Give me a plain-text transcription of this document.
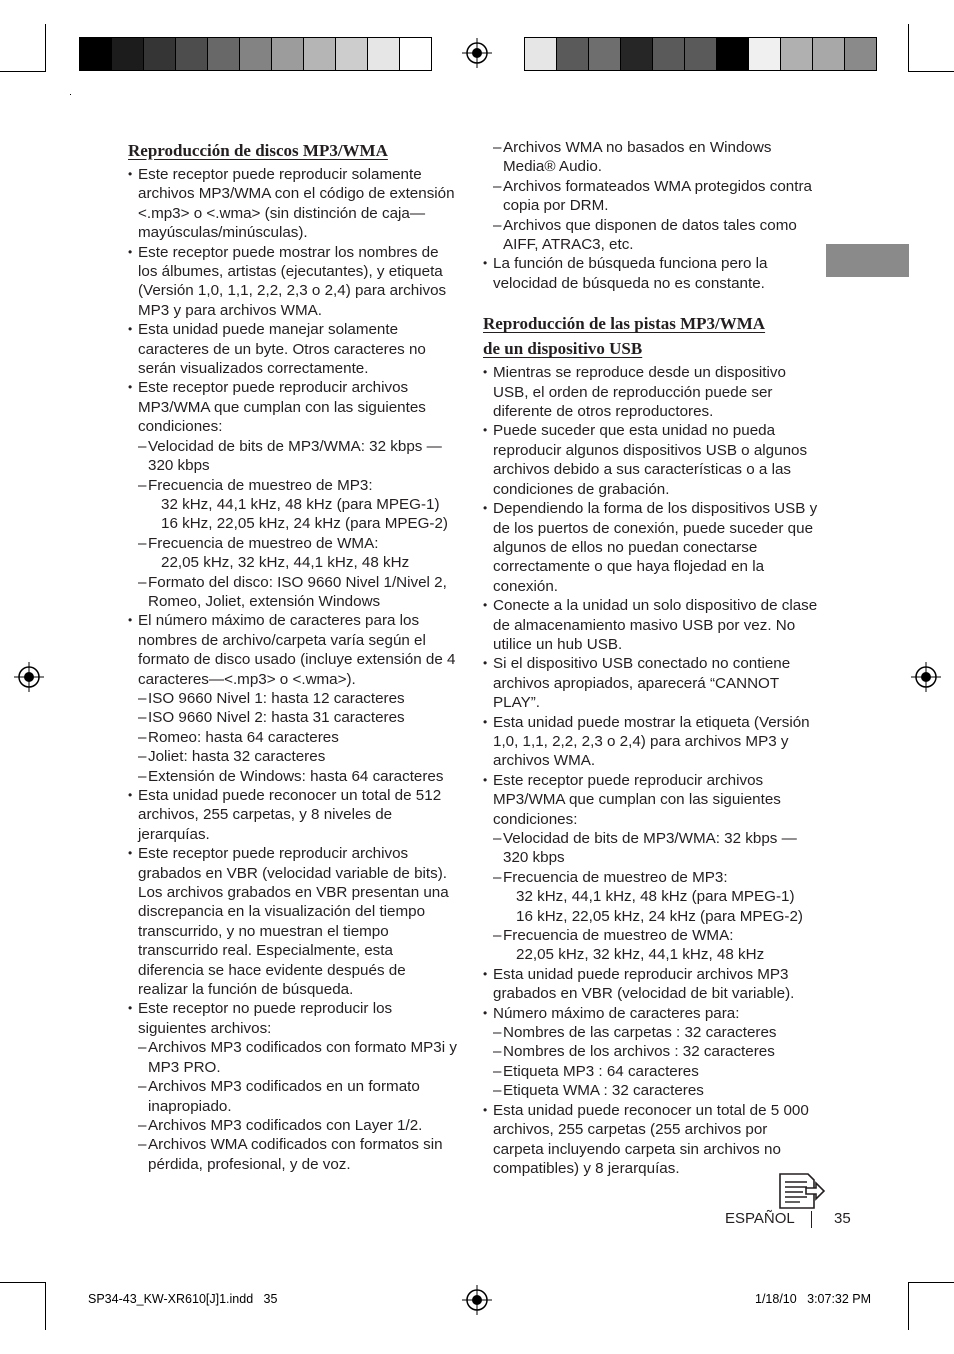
Reproducción de discos MP3/WMA
• Este receptor puede reproducir solamente archivos MP3/WMA con el código de extensión <.mp3> o <.wma> (sin distinción de caja—mayúsculas/minúsculas).
• Este receptor puede mostrar los nombres de los álbumes, artistas (ejecutantes), y etiqueta (Versión 1,0, 1,1, 2,2, 2,3 o 2,4) para archivos MP3 y para archivos WMA.
• Esta unidad puede manejar solamente caracteres de un byte. Otros caracteres no serán visualizados correctamente.
• Este receptor puede reproducir archivos MP3/WMA que cumplan con las siguientes condiciones:
– Velocidad de bits de MP3/WMA: 32 kbps — 320 kbps
– Frecuencia de muestreo de MP3:
32 kHz, 44,1 kHz, 48 kHz (para MPEG-1)
16 kHz, 22,05 kHz, 24 kHz (para MPEG-2)
– Frecuencia de muestreo de WMA:
22,05 kHz, 32 kHz, 44,1 kHz, 48 kHz
– Formato del disco: ISO 9660 Nivel 1/Nivel 2, Romeo, Joliet, extensión Windows
• El número máximo de caracteres para los nombres de archivo/carpeta varía según el formato de disco usado (incluye extensión de 4 caracteres—<.mp3> o <.wma>).
– ISO 9660 Nivel 1: hasta 12 caracteres
– ISO 9660 Nivel 2: hasta 31 caracteres
– Romeo: hasta 64 caracteres
– Joliet: hasta 32 caracteres
– Extensión de Windows: hasta 64 caracteres
• Esta unidad puede reconocer un total de 512 archivos, 255 carpetas, y 8 niveles de jerarquías.
• Este receptor puede reproducir archivos grabados en VBR (velocidad variable de bits). Los archivos grabados en VBR presentan una discrepancia en la visualización del tiempo transcurrido, y no muestran el tiempo transcurrido real. Especialmente, esta diferencia se hace evidente después de realizar la función de búsqueda.
• Este receptor no puede reproducir los siguientes archivos:
– Archivos MP3 codificados con formato MP3i y MP3 PRO.
– Archivos MP3 codificados en un formato inapropiado.
– Archivos MP3 codificados con Layer 1/2.
– Archivos WMA codificados con formatos sin pérdida, profesional, y de voz.
– Archivos WMA no basados en Windows Media® Audio.
– Archivos formateados WMA protegidos contra copia por DRM.
– Archivos que disponen de datos tales como AIFF, ATRAC3, etc.
• La función de búsqueda funciona pero la velocidad de búsqueda no es constante.
Reproducción de las pistas MP3/WMA
de un dispositivo USB
• Mientras se reproduce desde un dispositivo USB, el orden de reproducción puede ser diferente de otros reproductores.
• Puede suceder que esta unidad no pueda reproducir algunos dispositivos USB o algunos archivos debido a sus características o a las condiciones de grabación.
• Dependiendo la forma de los dispositivos USB y de los puertos de conexión, puede suceder que algunos de ellos no puedan conectarse correctamente o que haya flojedad en la conexión.
• Conecte a la unidad un solo dispositivo de clase de almacenamiento masivo USB por vez. No utilice un hub USB.
• Si el dispositivo USB conectado no contiene archivos apropiados, aparecerá “CANNOT PLAY”.
• Esta unidad puede mostrar la etiqueta (Versión 1,0, 1,1, 2,2, 2,3 o 2,4) para archivos MP3 y archivos WMA.
• Este receptor puede reproducir archivos MP3/WMA que cumplan con las siguientes condiciones:
– Velocidad de bits de MP3/WMA: 32 kbps — 320 kbps
– Frecuencia de muestreo de MP3:
32 kHz, 44,1 kHz, 48 kHz (para MPEG-1)
16 kHz, 22,05 kHz, 24 kHz (para MPEG-2)
– Frecuencia de muestreo de WMA:
22,05 kHz, 32 kHz, 44,1 kHz, 48 kHz
• Esta unidad puede reproducir archivos MP3 grabados en VBR (velocidad de bit variable).
• Número máximo de caracteres para:
– Nombres de las carpetas : 32 caracteres
– Nombres de los archivos : 32 caracteres
– Etiqueta MP3 : 64 caracteres
– Etiqueta WMA : 32 caracteres
• Esta unidad puede reconocer un total de 5 000 archivos, 255 carpetas (255 archivos por carpeta incluyendo carpeta sin archivos no compatibles) y 8 jerarquías.
ESPAÑOL	35
SP34-43_KW-XR610[J]1.indd   35	1/18/10   3:07:32 PM
